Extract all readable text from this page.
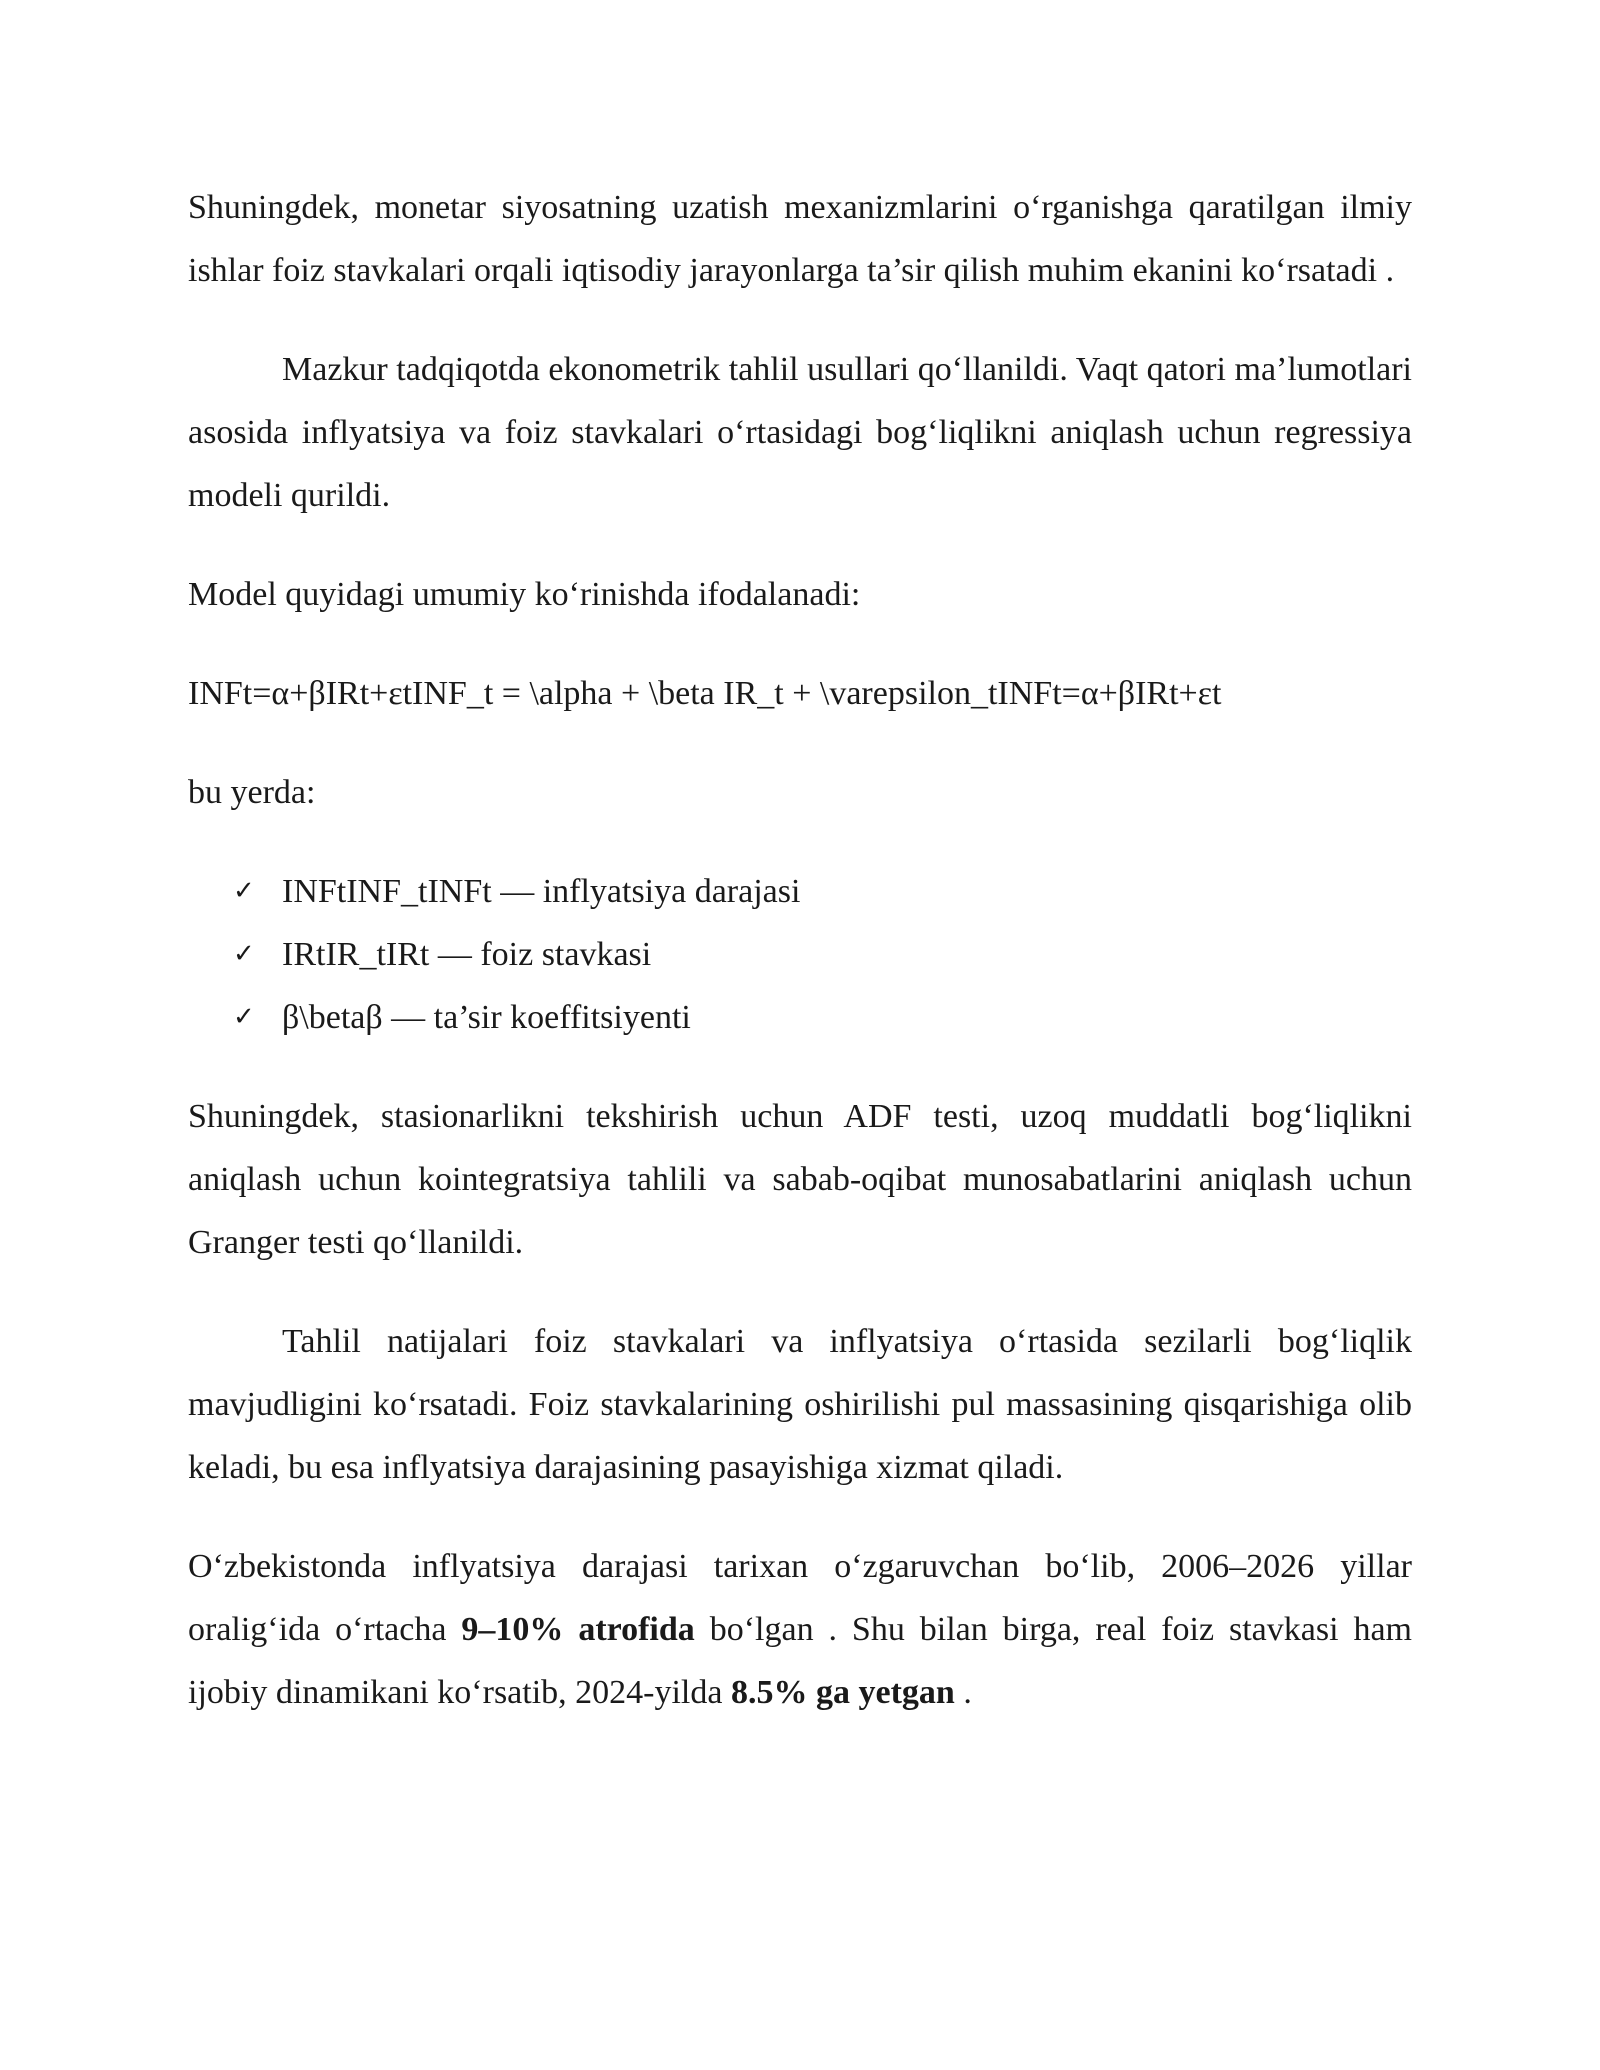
Shuningdek, monetar siyosatning uzatish mexanizmlarini o‘rganishga qaratilgan ilmiy ishlar foiz stavkalari orqali iqtisodiy jarayonlarga ta’sir qilish muhim ekanini ko‘rsatadi .

Mazkur tadqiqotda ekonometrik tahlil usullari qo‘llanildi. Vaqt qatori ma’lumotlari asosida inflyatsiya va foiz stavkalari o‘rtasidagi bog‘liqlikni aniqlash uchun regressiya modeli qurildi.

Model quyidagi umumiy ko‘rinishda ifodalanadi:

INFt=α+βIRt+εtINF_t = \alpha + \beta IR_t + \varepsilon_tINFt=α+βIRt+εt

bu yerda:

✓ INFtINF_tINFt — inflyatsiya darajasi
✓ IRtIR_tIRt — foiz stavkasi
✓ β\betaβ — ta’sir koeffitsiyenti

Shuningdek, stasionarlikni tekshirish uchun ADF testi, uzoq muddatli bog‘liqlikni aniqlash uchun kointegratsiya tahlili va sabab-oqibat munosabatlarini aniqlash uchun Granger testi qo‘llanildi.

Tahlil natijalari foiz stavkalari va inflyatsiya o‘rtasida sezilarli bog‘liqlik mavjudligini ko‘rsatadi. Foiz stavkalarining oshirilishi pul massasining qisqarishiga olib keladi, bu esa inflyatsiya darajasining pasayishiga xizmat qiladi.

O‘zbekistonda inflyatsiya darajasi tarixan o‘zgaruvchan bo‘lib, 2006–2026 yillar oralig‘ida o‘rtacha 9–10% atrofida bo‘lgan . Shu bilan birga, real foiz stavkasi ham ijobiy dinamikani ko‘rsatib, 2024-yilda 8.5% ga yetgan .
